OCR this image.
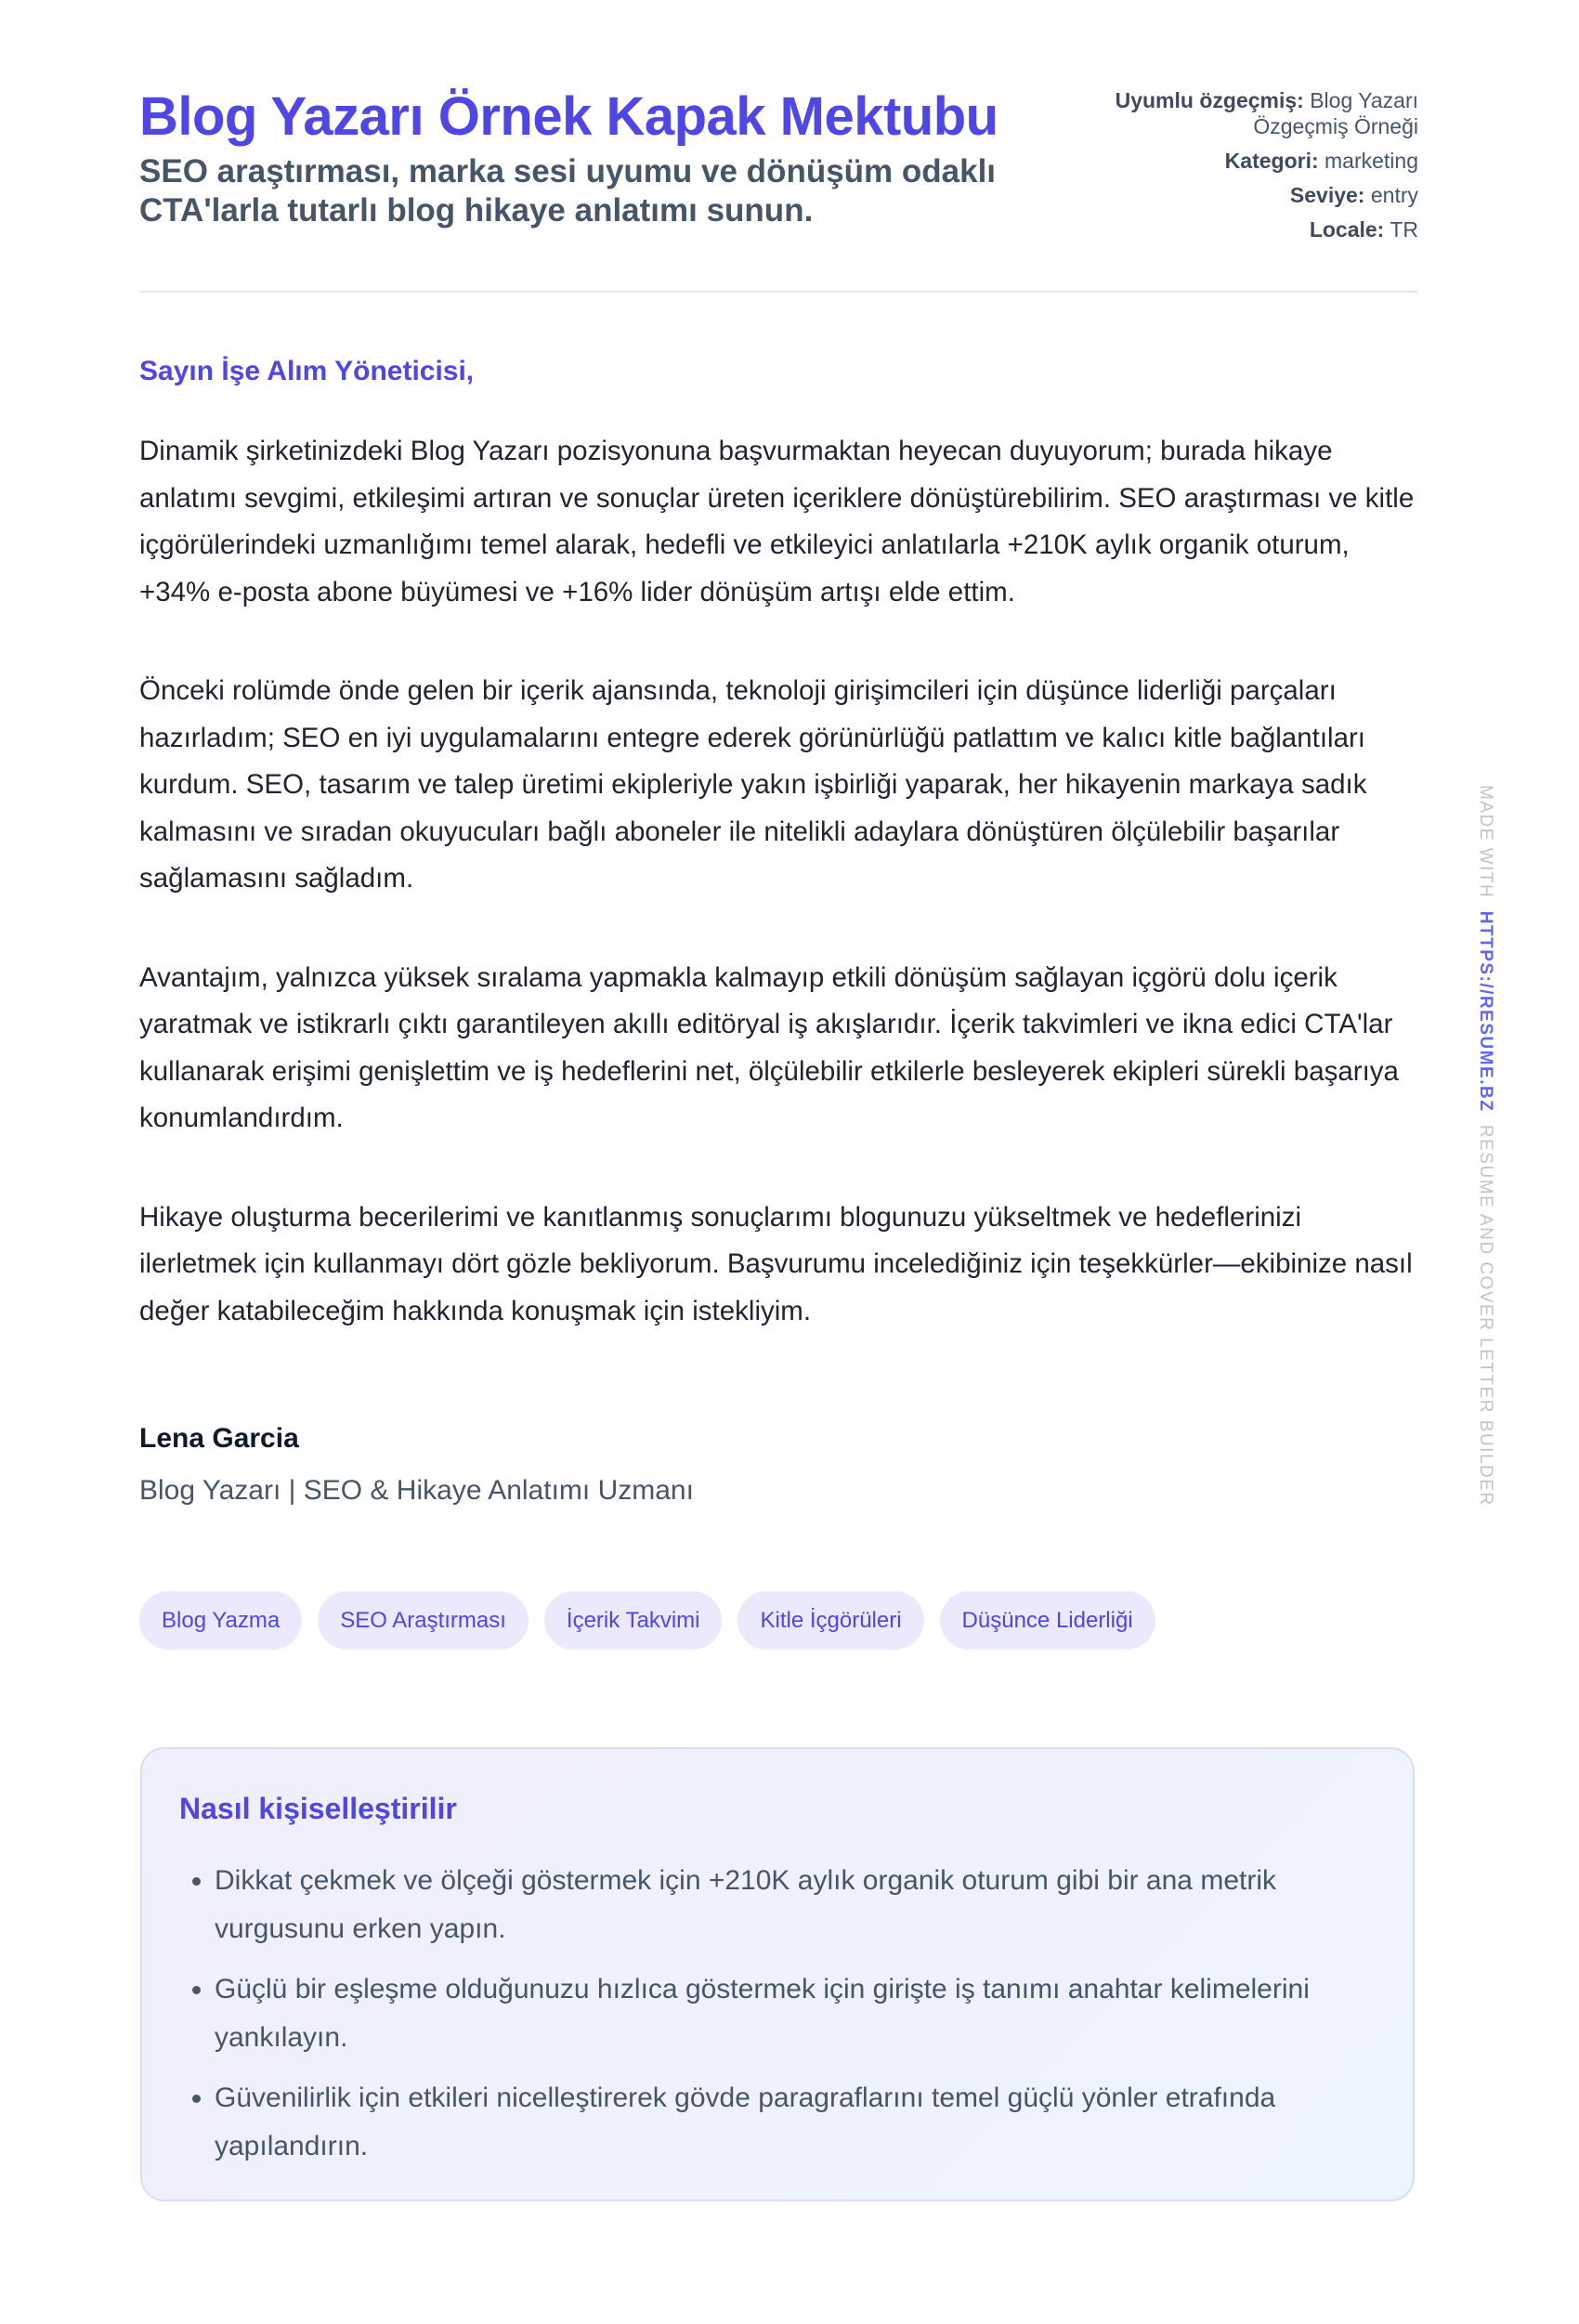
Blog Yazarı Örnek Kapak Mektubu
SEO araştırması, marka sesi uyumu ve dönüşüm odaklı CTA'larla tutarlı blog hikaye anlatımı sunun.
Uyumlu özgeçmiş: Blog Yazarı Özgeçmiş Örneği
Kategori: marketing
Seviye: entry
Locale: TR
Sayın İşe Alım Yöneticisi,

Dinamik şirketinizdeki Blog Yazarı pozisyonuna başvurmaktan heyecan duyuyorum; burada hikaye anlatımı sevgimi, etkileşimi artıran ve sonuçlar üreten içeriklere dönüştürebilirim. SEO araştırması ve kitle içgörülerindeki uzmanlığımı temel alarak, hedefli ve etkileyici anlatılarla +210K aylık organik oturum, +34% e-posta abone büyümesi ve +16% lider dönüşüm artışı elde ettim.

Önceki rolümde önde gelen bir içerik ajansında, teknoloji girişimcileri için düşünce liderliği parçaları hazırladım; SEO en iyi uygulamalarını entegre ederek görünürlüğü patlattım ve kalıcı kitle bağlantıları kurdum. SEO, tasarım ve talep üretimi ekipleriyle yakın işbirliği yaparak, her hikayenin markaya sadık kalmasını ve sıradan okuyucuları bağlı aboneler ile nitelikli adaylara dönüştüren ölçülebilir başarılar sağlamasını sağladım.

Avantajım, yalnızca yüksek sıralama yapmakla kalmayıp etkili dönüşüm sağlayan içgörü dolu içerik yaratmak ve istikrarlı çıktı garantileyen akıllı editöryal iş akışlarıdır. İçerik takvimleri ve ikna edici CTA'lar kullanarak erişimi genişlettim ve iş hedeflerini net, ölçülebilir etkilerle besleyerek ekipleri sürekli başarıya konumlandırdım.

Hikaye oluşturma becerilerimi ve kanıtlanmış sonuçlarımı blogunuzu yükseltmek ve hedeflerinizi ilerletmek için kullanmayı dört gözle bekliyorum. Başvurumu incelediğiniz için teşekkürler—ekibinize nasıl değer katabileceğim hakkında konuşmak için istekliyim.

Lena Garcia
Blog Yazarı | SEO & Hikaye Anlatımı Uzmanı
Blog Yazma	SEO Araştırması	İçerik Takvimi	Kitle İçgörüleri	Düşünce Liderliği
Nasıl kişiselleştirilir
• Dikkat çekmek ve ölçeği göstermek için +210K aylık organik oturum gibi bir ana metrik vurgusunu erken yapın.
• Güçlü bir eşleşme olduğunuzu hızlıca göstermek için girişte iş tanımı anahtar kelimelerini yankılayın.
• Güvenilirlik için etkileri nicelleştirerek gövde paragraflarını temel güçlü yönler etrafında yapılandırın.
MADE WITH  HTTPS://RESUME.BZ  RESUME AND COVER LETTER BUILDER
